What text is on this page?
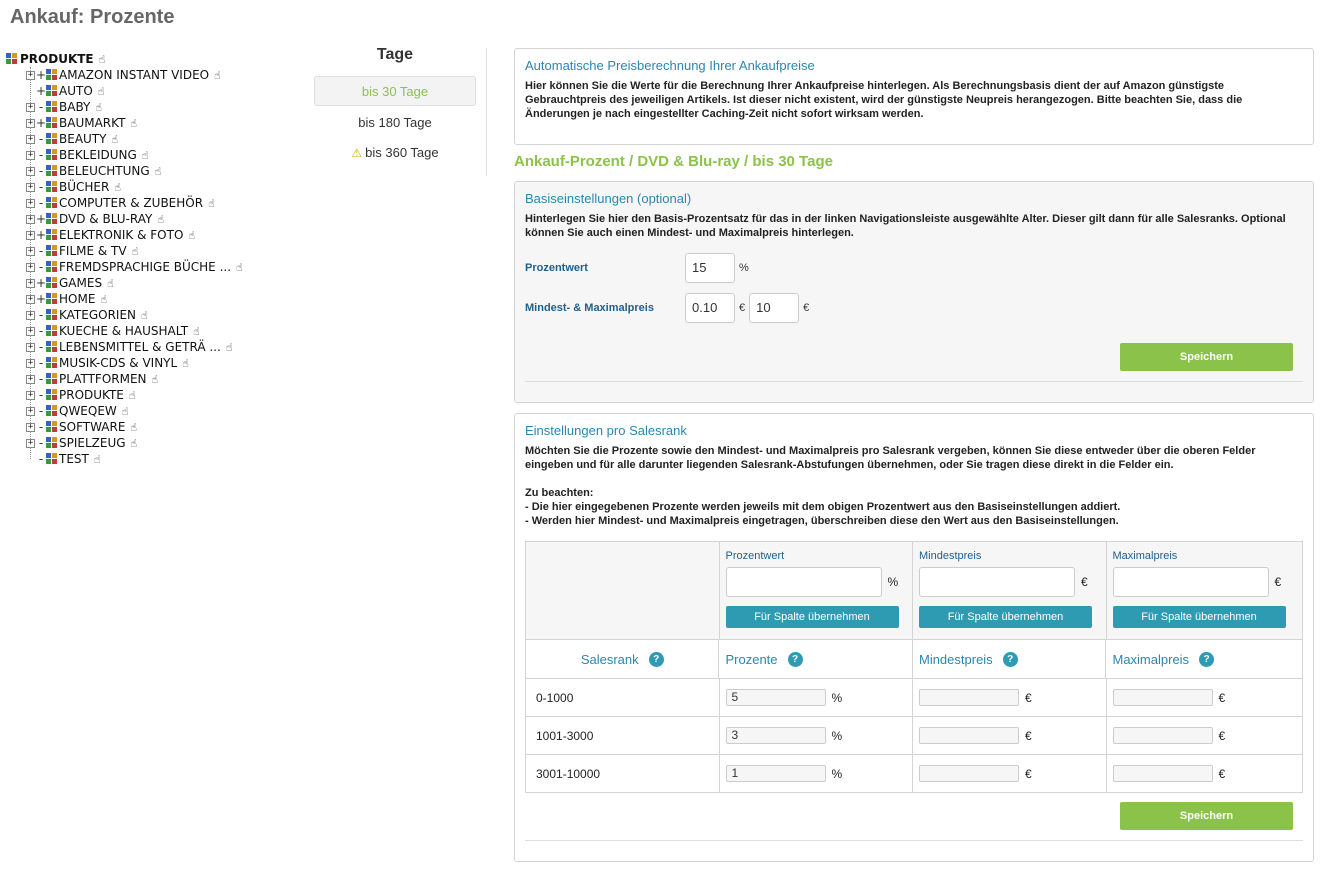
Ankauf: Prozente
PRODUKTE ☝
+ + AMAZON INSTANT VIDEO ☝
+ AUTO ☝
+ - BABY ☝
+ + BAUMARKT ☝
+ - BEAUTY ☝
+ - BEKLEIDUNG ☝
+ - BELEUCHTUNG ☝
+ - BÜCHER ☝
+ - COMPUTER & ZUBEHÖR ☝
+ + DVD & BLU-RAY ☝
+ + ELEKTRONIK & FOTO ☝
+ - FILME & TV ☝
+ - FREMDSPRACHIGE BÜCHE ... ☝
+ + GAMES ☝
+ + HOME ☝
+ - KATEGORIEN ☝
+ - KUECHE & HAUSHALT ☝
+ - LEBENSMITTEL & GETRÄ ... ☝
+ - MUSIK-CDS & VINYL ☝
+ - PLATTFORMEN ☝
+ - PRODUKTE ☝
+ - QWEQEW ☝
+ - SOFTWARE ☝
+ - SPIELZEUG ☝
- TEST ☝
Tage
bis 30 Tage
bis 180 Tage
⚠ bis 360 Tage
Automatische Preisberechnung Ihrer Ankaufpreise
Hier können Sie die Werte für die Berechnung Ihrer Ankaufpreise hinterlegen. Als Berechnungsbasis dient der auf Amazon günstigste Gebrauchtpreis des jeweiligen Artikels. Ist dieser nicht existent, wird der günstigste Neupreis herangezogen. Bitte beachten Sie, dass die Änderungen je nach eingestellter Caching-Zeit nicht sofort wirksam werden.
Ankauf-Prozent / DVD & Blu-ray / bis 30 Tage
Basiseinstellungen (optional)
Hinterlegen Sie hier den Basis-Prozentsatz für das in der linken Navigationsleiste ausgewählte Alter. Dieser gilt dann für alle Salesranks. Optional können Sie auch einen Mindest- und Maximalpreis hinterlegen.
Prozentwert	15	%
Mindest- & Maximalpreis	0.10	€ 10	€
Speichern
Einstellungen pro Salesrank
Möchten Sie die Prozente sowie den Mindest- und Maximalpreis pro Salesrank vergeben, können Sie diese entweder über die oberen Felder eingeben und für alle darunter liegenden Salesrank-Abstufungen übernehmen, oder Sie tragen diese direkt in die Felder ein.
Zu beachten:
- Die hier eingegebenen Prozente werden jeweils mit dem obigen Prozentwert aus den Basiseinstellungen addiert.
- Werden hier Mindest- und Maximalpreis eingetragen, überschreiben diese den Wert aus den Basiseinstellungen.
Prozentwert
%
Für Spalte übernehmen
Mindestpreis
€
Für Spalte übernehmen
Maximalpreis
€
Für Spalte übernehmen
Salesrank	?	Prozente	?	Mindestpreis	?	Maximalpreis	?
0-1000	5	%	€	€
1001-3000	3	%	€	€
3001-10000	1	%	€	€
Speichern
